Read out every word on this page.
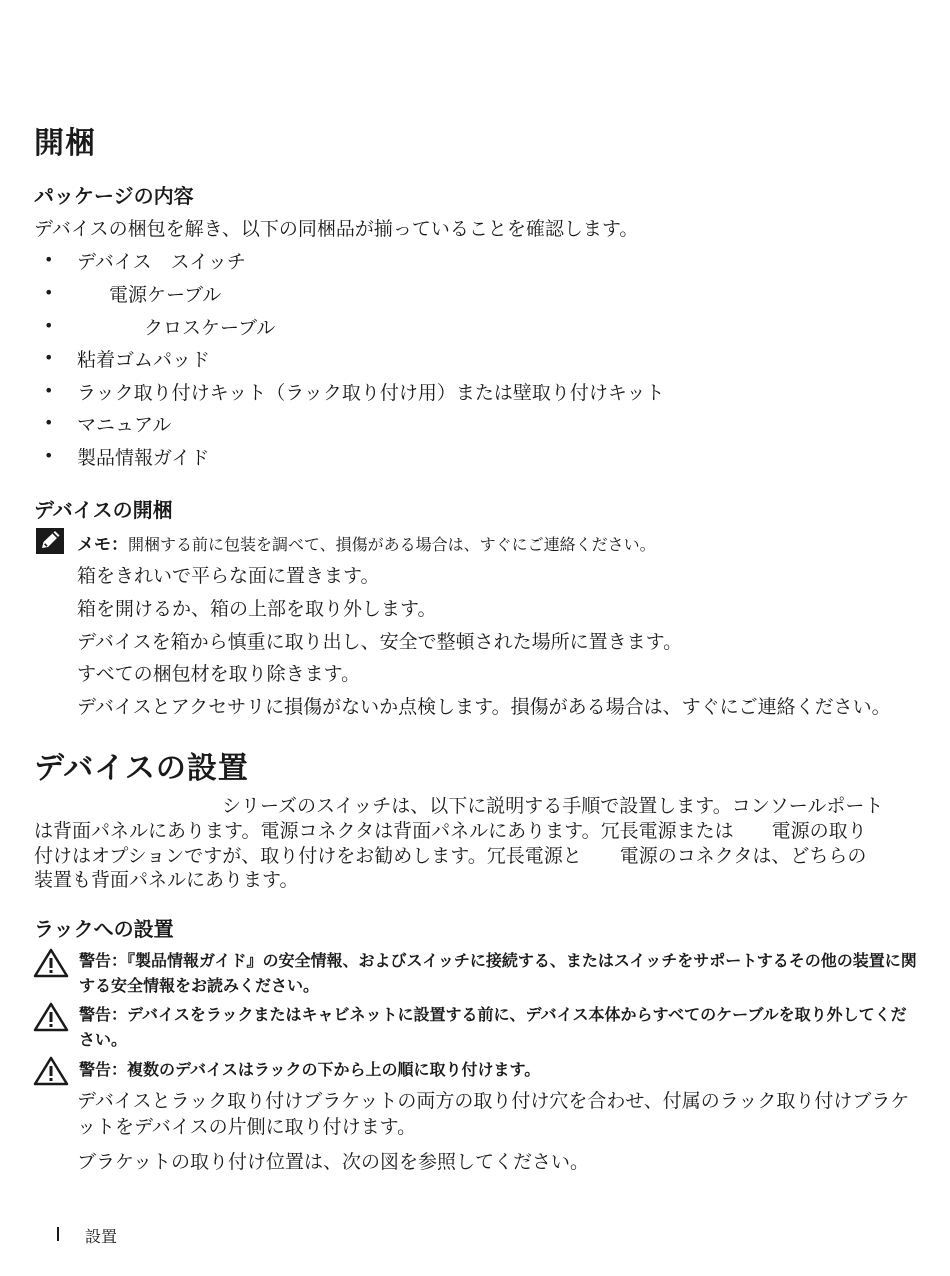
開梱
パッケージの内容
デバイスの梱包を解き、以下の同梱品が揃っていることを確認します。
• デバイス　スイッチ
•	電源ケーブル
•	クロスケーブル
• 粘着ゴムパッド
• ラック取り付けキット（ラック取り付け用）または壁取り付けキット
• マニュアル
• 製品情報ガイド
デバイスの開梱
メモ：開梱する前に包装を調べて、損傷がある場合は、すぐにご連絡ください。
箱をきれいで平らな面に置きます。
箱を開けるか、箱の上部を取り外します。
デバイスを箱から慎重に取り出し、安全で整頓された場所に置きます。
すべての梱包材を取り除きます。
デバイスとアクセサリに損傷がないか点検します。損傷がある場合は、すぐにご連絡ください。
デバイスの設置
シリーズのスイッチは、以下に説明する手順で設置します。コンソールポート
は背面パネルにあります。電源コネクタは背面パネルにあります。冗長電源または　　電源の取り
付けはオプションですが、取り付けをお勧めします。冗長電源と　　電源のコネクタは、どちらの
装置も背面パネルにあります。
ラックへの設置
警告：『製品情報ガイド』の安全情報、およびスイッチに接続する、またはスイッチをサポートするその他の装置に関する安全情報をお読みください。
警告：デバイスをラックまたはキャビネットに設置する前に、デバイス本体からすべてのケーブルを取り外してください。
警告：複数のデバイスはラックの下から上の順に取り付けます。
デバイスとラック取り付けブラケットの両方の取り付け穴を合わせ、付属のラック取り付けブラケットをデバイスの片側に取り付けます。
ブラケットの取り付け位置は、次の図を参照してください。
設置
